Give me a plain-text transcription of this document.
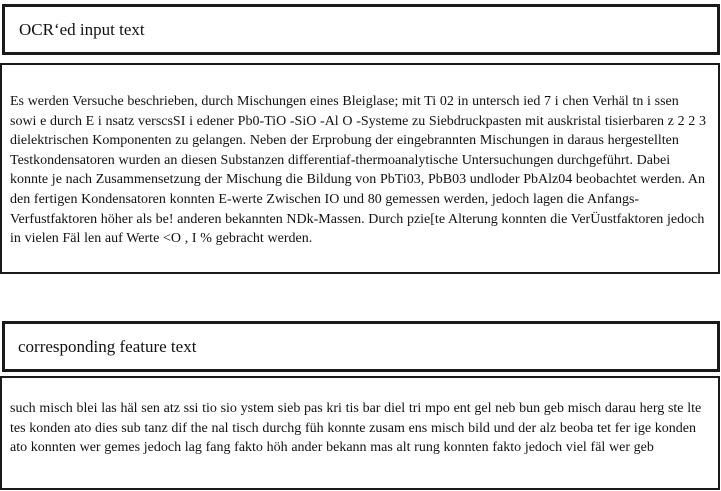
OCR‘ed input text

Es werden Versuche beschrieben, durch Mischungen eines Bleiglase; mit Ti 02 in untersch ied 7 i chen Verhäl tn i ssen sowi e durch E i nsatz verscsSI i edener Pb0-TiO -SiO -Al O -Systeme zu Siebdruckpasten mit auskristal tisierbaren z 2 2 3 dielektrischen Komponenten zu gelangen. Neben der Erprobung der eingebrannten Mischungen in daraus hergestellten Testkondensatoren wurden an diesen Substanzen differentiaf-thermoanalytische Untersuchungen durchgeführt. Dabei konnte je nach Zusammensetzung der Mischung die Bildung von PbTi03, PbB03 undloder PbAlz04 beobachtet werden. An den fertigen Kondensatoren konnten E-werte Zwischen IO und 80 gemessen werden, jedoch lagen die Anfangs-Verfustfaktoren höher als be! anderen bekannten NDk-Massen. Durch pzie[te Alterung konnten die VerÜustfaktoren jedoch in vielen Fäl len auf Werte <O , I % gebracht werden.

corresponding feature text

such misch blei las häl sen atz ssi tio sio ystem sieb pas kri tis bar diel tri mpo ent gel neb bun geb misch darau herg ste lte tes konden ato dies sub tanz dif the nal tisch durchg füh konnte zusam ens misch bild und der alz beoba tet fer ige konden ato konnten wer gemes jedoch lag fang fakto höh ander bekann mas alt rung konnten fakto jedoch viel fäl wer geb
